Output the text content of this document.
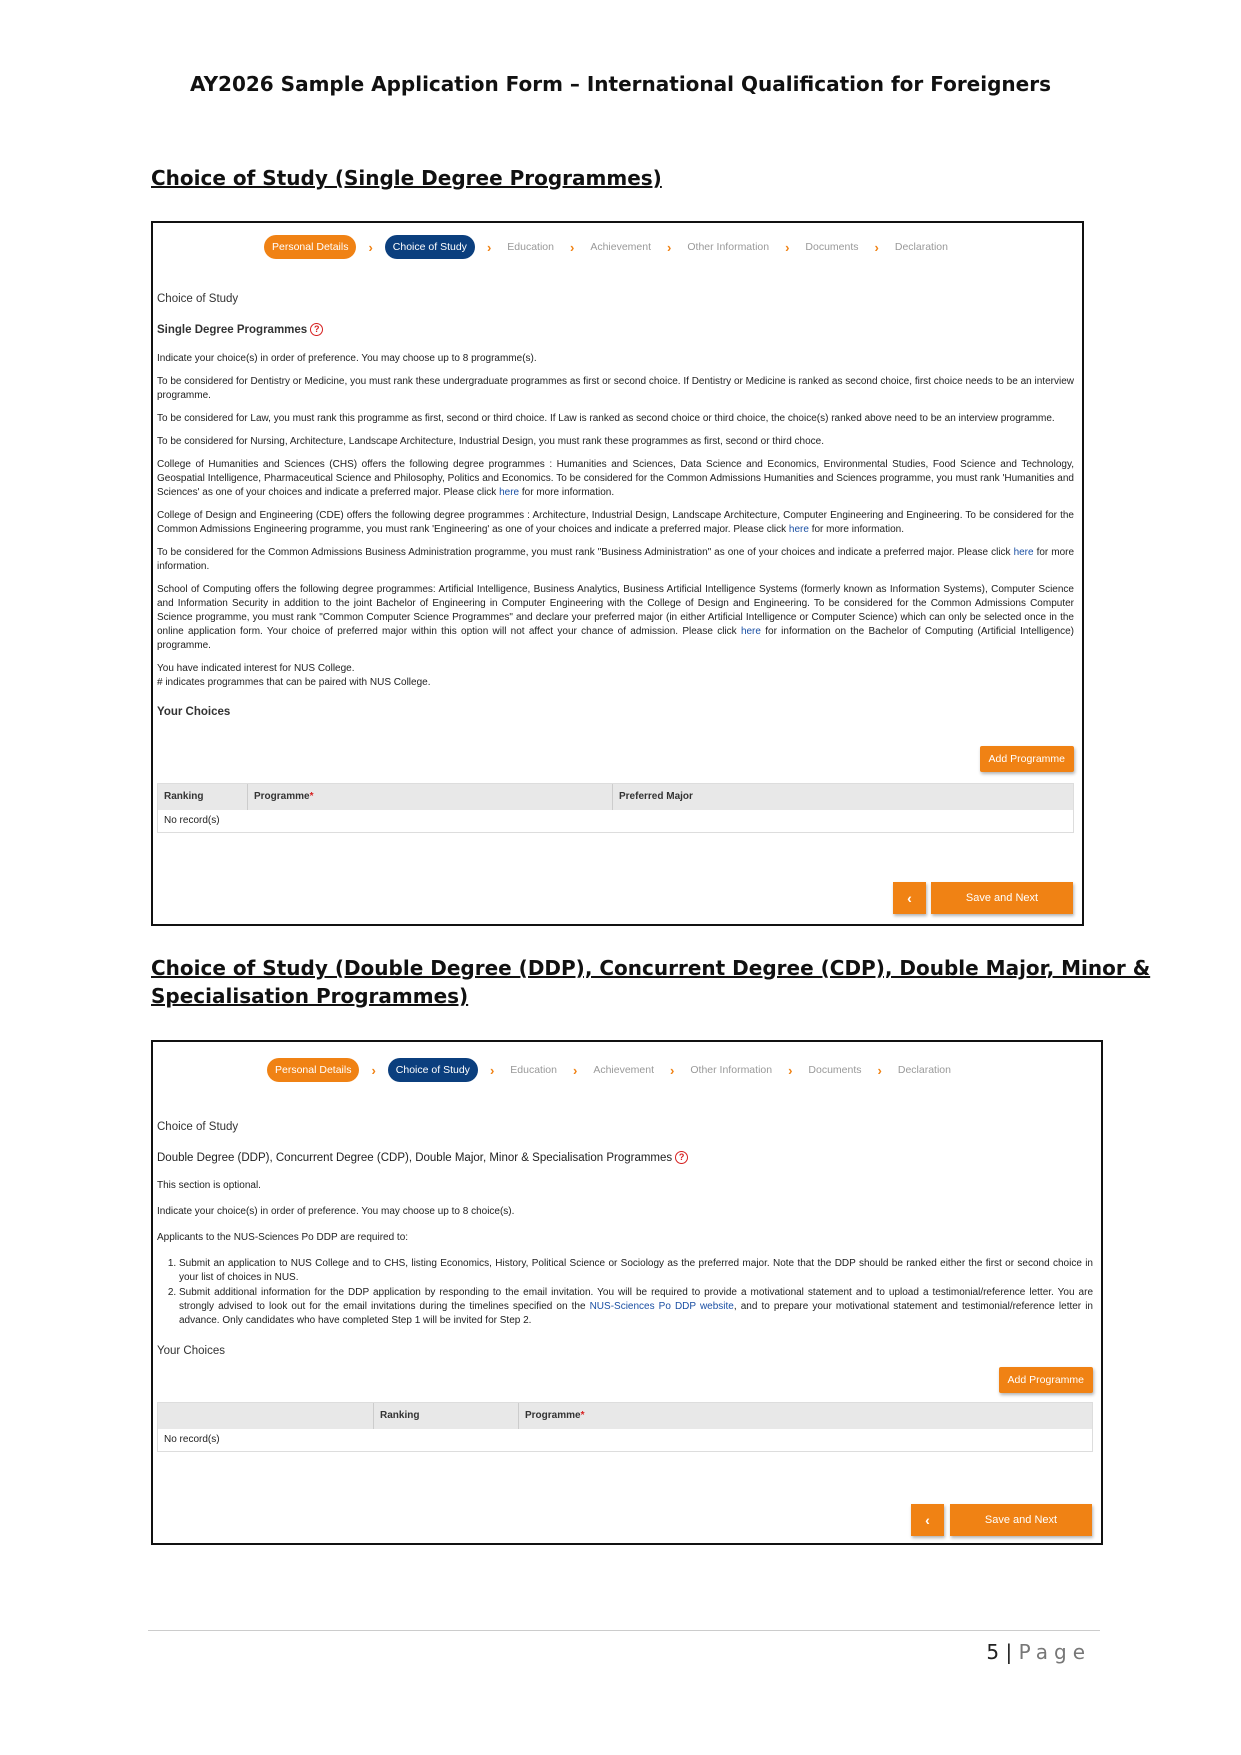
AY2026 Sample Application Form – International Qualification for Foreigners
Choice of Study (Single Degree Programmes)
Personal Details	›	Choice of Study	›	Education	›	Achievement	›	Other Information	›	Documents	›	Declaration
Choice of Study
Single Degree Programmes ?

Indicate your choice(s) in order of preference. You may choose up to 8 programme(s).

To be considered for Dentistry or Medicine, you must rank these undergraduate programmes as first or second choice. If Dentistry or Medicine is ranked as second choice, first choice needs to be an interview programme.

To be considered for Law, you must rank this programme as first, second or third choice. If Law is ranked as second choice or third choice, the choice(s) ranked above need to be an interview programme.

To be considered for Nursing, Architecture, Landscape Architecture, Industrial Design, you must rank these programmes as first, second or third choce.

College of Humanities and Sciences (CHS) offers the following degree programmes : Humanities and Sciences, Data Science and Economics, Environmental Studies, Food Science and Technology, Geospatial Intelligence, Pharmaceutical Science and Philosophy, Politics and Economics. To be considered for the Common Admissions Humanities and Sciences programme, you must rank 'Humanities and Sciences' as one of your choices and indicate a preferred major. Please click here for more information.

College of Design and Engineering (CDE) offers the following degree programmes : Architecture, Industrial Design, Landscape Architecture, Computer Engineering and Engineering. To be considered for the Common Admissions Engineering programme, you must rank 'Engineering' as one of your choices and indicate a preferred major. Please click here for more information.

To be considered for the Common Admissions Business Administration programme, you must rank "Business Administration" as one of your choices and indicate a preferred major. Please click here for more information.

School of Computing offers the following degree programmes: Artificial Intelligence, Business Analytics, Business Artificial Intelligence Systems (formerly known as Information Systems), Computer Science and Information Security in addition to the joint Bachelor of Engineering in Computer Engineering with the College of Design and Engineering. To be considered for the Common Admissions Computer Science programme, you must rank "Common Computer Science Programmes" and declare your preferred major (in either Artificial Intelligence or Computer Science) which can only be selected once in the online application form. Your choice of preferred major within this option will not affect your chance of admission. Please click here for information on the Bachelor of Computing (Artificial Intelligence) programme.

You have indicated interest for NUS College.

# indicates programmes that can be paired with NUS College.

Your Choices
Add Programme
Ranking	Programme*	Preferred Major
No record(s)
‹	Save and Next
Choice of Study (Double Degree (DDP), Concurrent Degree (CDP), Double Major, Minor &
Specialisation Programmes)
Personal Details	›	Choice of Study	›	Education	›	Achievement	›	Other Information	›	Documents	›	Declaration
Choice of Study
Double Degree (DDP), Concurrent Degree (CDP), Double Major, Minor & Specialisation Programmes ?

This section is optional.

Indicate your choice(s) in order of preference. You may choose up to 8 choice(s).

Applicants to the NUS-Sciences Po DDP are required to:

1. Submit an application to NUS College and to CHS, listing Economics, History, Political Science or Sociology as the preferred major. Note that the DDP should be ranked either the first or second choice in your list of choices in NUS.
2. Submit additional information for the DDP application by responding to the email invitation. You will be required to provide a motivational statement and to upload a testimonial/reference letter. You are strongly advised to look out for the email invitations during the timelines specified on the NUS-Sciences Po DDP website, and to prepare your motivational statement and testimonial/reference letter in advance. Only candidates who have completed Step 1 will be invited for Step 2.
Your Choices
Add Programme
Ranking	Programme*
No record(s)
‹	Save and Next
5 | Page
